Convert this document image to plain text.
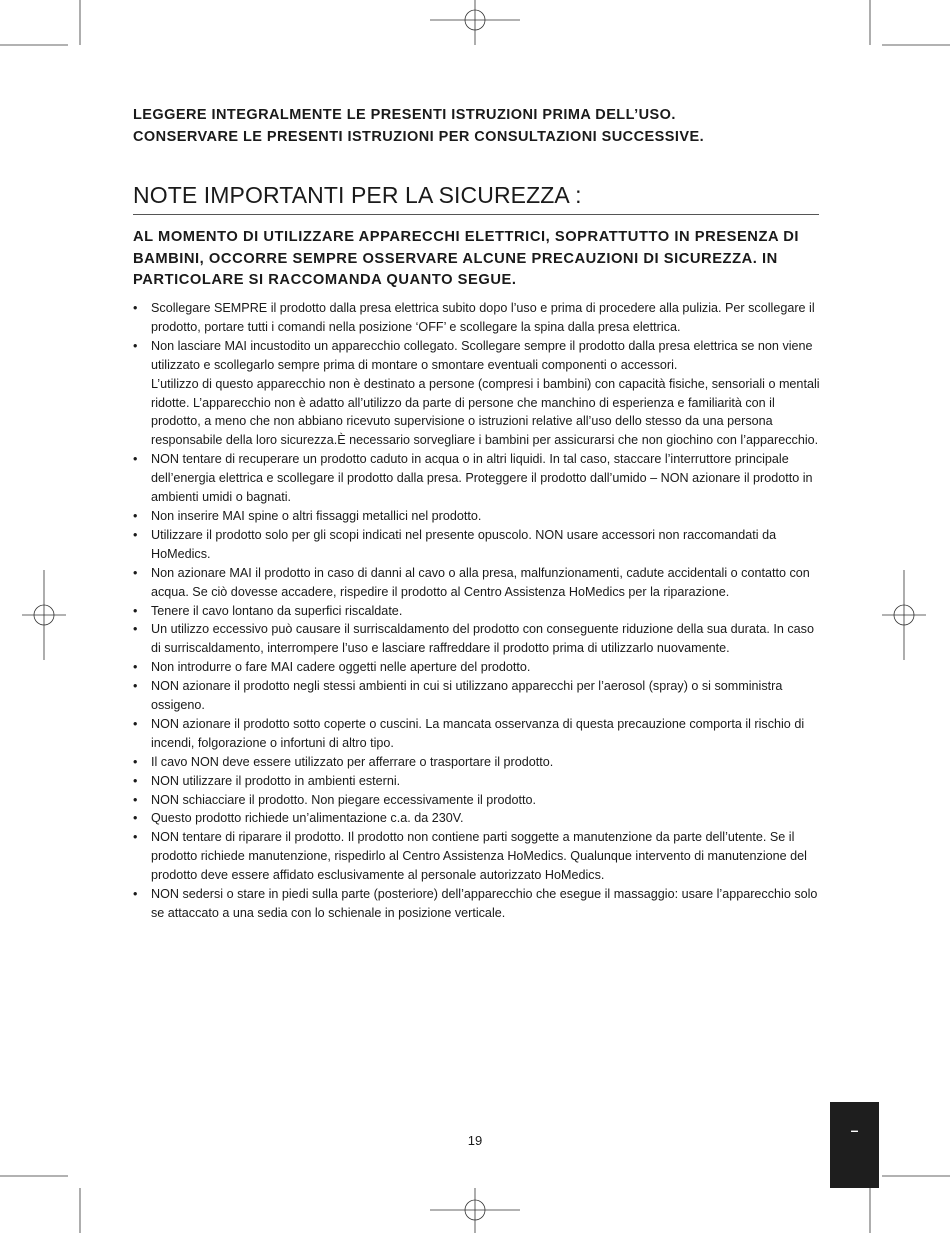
LEGGERE INTEGRALMENTE LE PRESENTI ISTRUZIONI PRIMA DELL’USO.

CONSERVARE LE PRESENTI ISTRUZIONI PER CONSULTAZIONI SUCCESSIVE.

NOTE IMPORTANTI PER LA SICUREZZA :
AL MOMENTO DI UTILIZZARE APPARECCHI ELETTRICI, SOPRATTUTTO IN PRESENZA DI BAMBINI, OCCORRE SEMPRE OSSERVARE ALCUNE PRECAUZIONI DI SICUREZZA. IN PARTICOLARE SI RACCOMANDA QUANTO SEGUE.
• Scollegare SEMPRE il prodotto dalla presa elettrica subito dopo l’uso e prima di procedere alla pulizia. Per scollegare il prodotto, portare tutti i comandi nella posizione ‘OFF’ e scollegare la spina dalla presa elettrica.
• Non lasciare MAI incustodito un apparecchio collegato. Scollegare sempre il prodotto dalla presa elettrica se non viene utilizzato e scollegarlo sempre prima di montare o smontare eventuali componenti o accessori.
L’utilizzo di questo apparecchio non è destinato a persone (compresi i bambini) con capacità fisiche, sensoriali o mentali ridotte. L’apparecchio non è adatto all’utilizzo da parte di persone che manchino di esperienza e familiarità con il prodotto, a meno che non abbiano ricevuto supervisione o istruzioni relative all’uso dello stesso da una persona responsabile della loro sicurezza.È necessario sorvegliare i bambini per assicurarsi che non giochino con l’apparecchio.
• NON tentare di recuperare un prodotto caduto in acqua o in altri liquidi. In tal caso, staccare l’interruttore principale dell’energia elettrica e scollegare il prodotto dalla presa. Proteggere il prodotto dall’umido – NON azionare il prodotto in ambienti umidi o bagnati.
• Non inserire MAI spine o altri fissaggi metallici nel prodotto.
• Utilizzare il prodotto solo per gli scopi indicati nel presente opuscolo. NON usare accessori non raccomandati da HoMedics.
• Non azionare MAI il prodotto in caso di danni al cavo o alla presa, malfunzionamenti, cadute accidentali o contatto con acqua. Se ciò dovesse accadere, rispedire il prodotto al Centro Assistenza HoMedics per la riparazione.
• Tenere il cavo lontano da superfici riscaldate.
• Un utilizzo eccessivo può causare il surriscaldamento del prodotto con conseguente riduzione della sua durata. In caso di surriscaldamento, interrompere l’uso e lasciare raffreddare il prodotto prima di utilizzarlo nuovamente.
• Non introdurre o fare MAI cadere oggetti nelle aperture del prodotto.
• NON azionare il prodotto negli stessi ambienti in cui si utilizzano apparecchi per l’aerosol (spray) o si somministra ossigeno.
• NON azionare il prodotto sotto coperte o cuscini. La mancata osservanza di questa precauzione comporta il rischio di incendi, folgorazione o infortuni di altro tipo.
• Il cavo NON deve essere utilizzato per afferrare o trasportare il prodotto.
• NON utilizzare il prodotto in ambienti esterni.
• NON schiacciare il prodotto. Non piegare eccessivamente il prodotto.
• Questo prodotto richiede un’alimentazione c.a. da 230V.
• NON tentare di riparare il prodotto. Il prodotto non contiene parti soggette a manutenzione da parte dell’utente. Se il prodotto richiede manutenzione, rispedirlo al Centro Assistenza HoMedics. Qualunque intervento di manutenzione del prodotto deve essere affidato esclusivamente al personale autorizzato HoMedics.
• NON sedersi o stare in piedi sulla parte (posteriore) dell’apparecchio che esegue il massaggio: usare l’apparecchio solo se attaccato a una sedia con lo schienale in posizione verticale.
19
–
